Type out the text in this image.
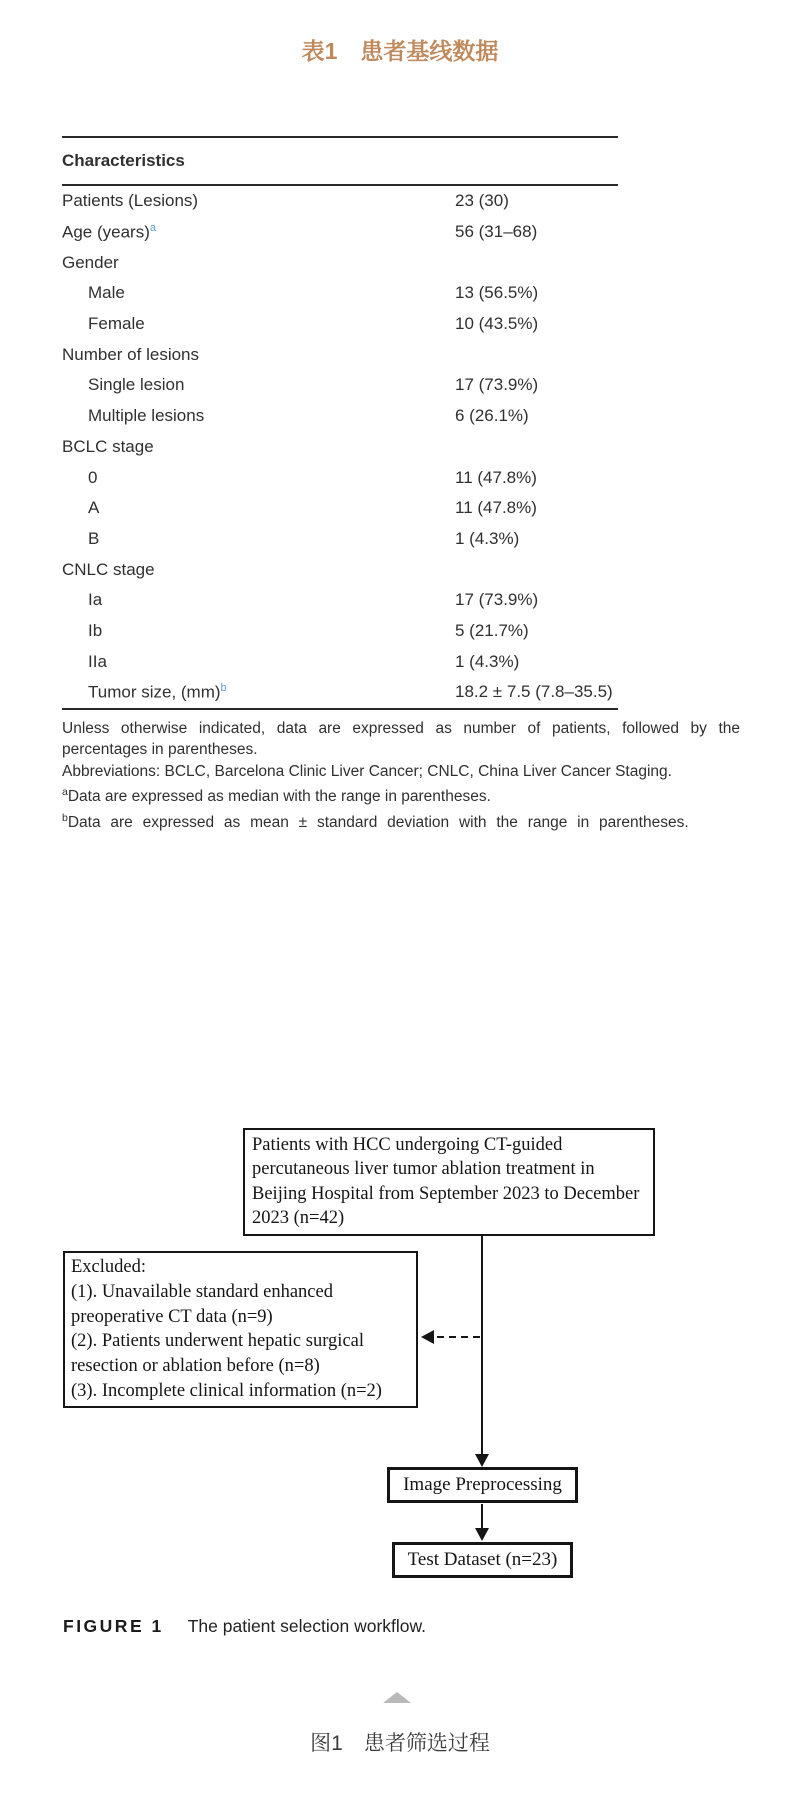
表1　患者基线数据
Characteristics
Patients (Lesions)	23 (30)
Age (years)$^a$	56 (31–68)
Gender
Male	13 (56.5%)
Female	10 (43.5%)
Number of lesions
Single lesion	17 (73.9%)
Multiple lesions	6 (26.1%)
BCLC stage
0	11 (47.8%)
A	11 (47.8%)
B	1 (4.3%)
CNLC stage
Ia	17 (73.9%)
Ib	5 (21.7%)
IIa	1 (4.3%)
Tumor size, (mm)$^b$	18.2 ± 7.5 (7.8–35.5)

Unless otherwise indicated, data are expressed as number of patients, followed by the percentages in parentheses.

Abbreviations: BCLC, Barcelona Clinic Liver Cancer; CNLC, China Liver Cancer Staging.

$^a$Data are expressed as median with the range in parentheses.

$^b$Data are expressed as mean ± standard deviation with the range in parentheses.

Patients with HCC undergoing CT-guided percutaneous liver tumor ablation treatment in Beijing Hospital from September 2023 to December 2023 (n=42)
Excluded:
(1). Unavailable standard enhanced preoperative CT data (n=9)
(2). Patients underwent hepatic surgical resection or ablation before (n=8)
(3). Incomplete clinical information (n=2)
Image Preprocessing
Test Dataset (n=23)
FIGURE 1 The patient selection workflow.
图1　患者筛选过程
